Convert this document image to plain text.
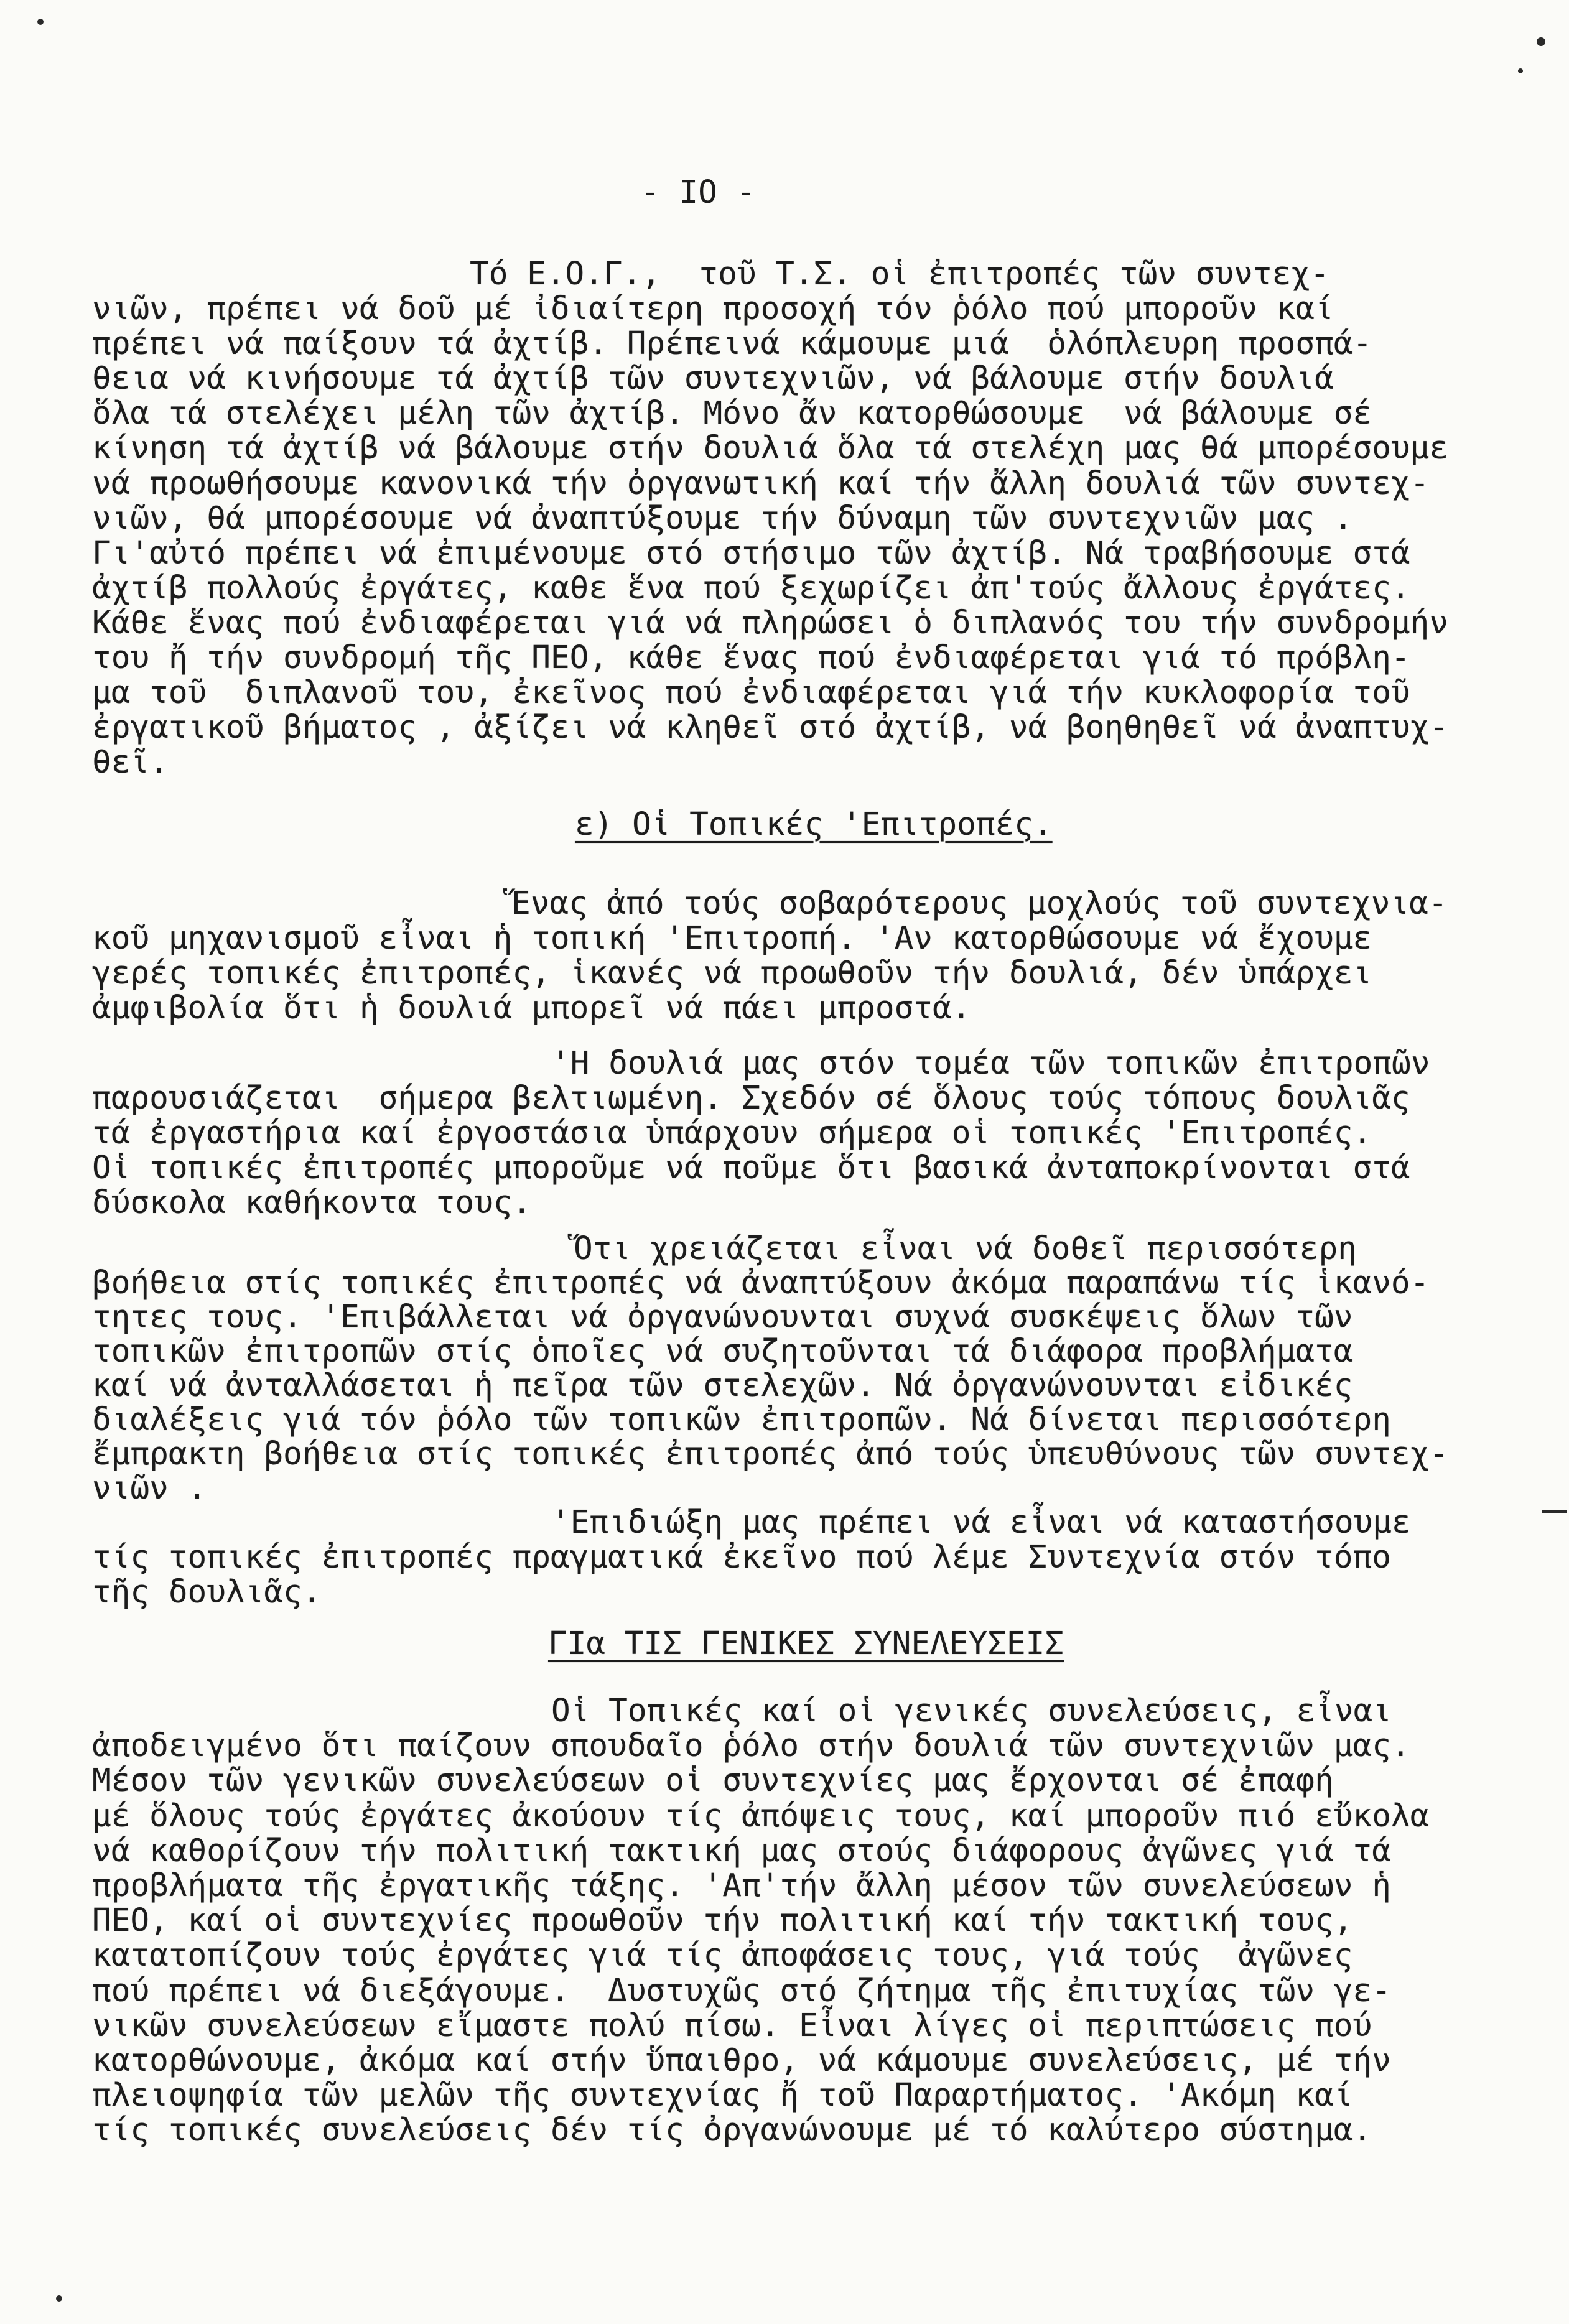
- IO -
Τό Ε.Ο.Γ.,  τοῦ Τ.Σ. οἱ ἐπιτροπές τῶν συντεχ-
νιῶν, πρέπει νά δοῦ μέ ἰδιαίτερη προσοχή τόν ῥόλο πού μποροῦν καί
πρέπει νά παίξουν τά ἀχτίβ. Πρέπεινά κάμουμε μιά  ὁλόπλευρη προσπά-
θεια νά κινήσουμε τά ἀχτίβ τῶν συντεχνιῶν, νά βάλουμε στήν δουλιά
ὅλα τά στελέχει μέλη τῶν ἀχτίβ. Μόνο ἄν κατορθώσουμε  νά βάλουμε σέ
κίνηση τά ἀχτίβ νά βάλουμε στήν δουλιά ὅλα τά στελέχη μας θά μπορέσουμε
νά προωθήσουμε κανονικά τήν ὀργανωτική καί τήν ἄλλη δουλιά τῶν συντεχ-
νιῶν, θά μπορέσουμε νά ἀναπτύξουμε τήν δύναμη τῶν συντεχνιῶν μας .
Γι'αὐτό πρέπει νά ἐπιμένουμε στό στήσιμο τῶν ἀχτίβ. Νά τραβήσουμε στά
ἀχτίβ πολλούς ἐργάτες, καθε ἕνα πού ξεχωρίζει ἀπ'τούς ἄλλους ἐργάτες.
Κάθε ἕνας πού ἐνδιαφέρεται γιά νά πληρώσει ὁ διπλανός του τήν συνδρομήν
του ἤ τήν συνδρομή τῆς ΠΕΟ, κάθε ἕνας πού ἐνδιαφέρεται γιά τό πρόβλη-
μα τοῦ  διπλανοῦ του, ἐκεῖνος πού ἐνδιαφέρεται γιά τήν κυκλοφορία τοῦ
ἐργατικοῦ βήματος , ἀξίζει νά κληθεῖ στό ἀχτίβ, νά βοηθηθεῖ νά ἀναπτυχ-
θεῖ.
ε) Οἱ Τοπικές 'Επιτροπές.
Ἕνας ἀπό τούς σοβαρότερους μοχλούς τοῦ συντεχνια-
κοῦ μηχανισμοῦ εἶναι ἡ τοπική 'Επιτροπή. 'Αν κατορθώσουμε νά ἔχουμε
γερές τοπικές ἐπιτροπές, ἱκανές νά προωθοῦν τήν δουλιά, δέν ὑπάρχει
ἀμφιβολία ὅτι ἡ δουλιά μπορεῖ νά πάει μπροστά.
'Η δουλιά μας στόν τομέα τῶν τοπικῶν ἐπιτροπῶν
παρουσιάζεται  σήμερα βελτιωμένη. Σχεδόν σέ ὅλους τούς τόπους δουλιᾶς
τά ἐργαστήρια καί ἐργοστάσια ὑπάρχουν σήμερα οἱ τοπικές 'Επιτροπές.
Οἱ τοπικές ἐπιτροπές μποροῦμε νά ποῦμε ὅτι βασικά ἀνταποκρίνονται στά
δύσκολα καθήκοντα τους.
Ὅτι χρειάζεται εἶναι νά δοθεῖ περισσότερη
βοήθεια στίς τοπικές ἐπιτροπές νά ἀναπτύξουν ἀκόμα παραπάνω τίς ἱκανό-
τητες τους. 'Επιβάλλεται νά ὀργανώνουνται συχνά συσκέψεις ὅλων τῶν
τοπικῶν ἐπιτροπῶν στίς ὁποῖες νά συζητοῦνται τά διάφορα προβλήματα
καί νά ἀνταλλάσεται ἡ πεῖρα τῶν στελεχῶν. Νά ὀργανώνουνται εἰδικές
διαλέξεις γιά τόν ῥόλο τῶν τοπικῶν ἐπιτροπῶν. Νά δίνεται περισσότερη
ἔμπρακτη βοήθεια στίς τοπικές ἐπιτροπές ἀπό τούς ὑπευθύνους τῶν συντεχ-
νιῶν .
'Επιδιώξη μας πρέπει νά εἶναι νά καταστήσουμε
τίς τοπικές ἐπιτροπές πραγματικά ἐκεῖνο πού λέμε Συντεχνία στόν τόπο
τῆς δουλιᾶς.
ΓΙα ΤΙΣ ΓΕΝΙΚΕΣ ΣΥΝΕΛΕΥΣΕΙΣ
Οἱ Τοπικές καί οἱ γενικές συνελεύσεις, εἶναι
ἀποδειγμένο ὅτι παίζουν σπουδαῖο ῥόλο στήν δουλιά τῶν συντεχνιῶν μας.
Μέσον τῶν γενικῶν συνελεύσεων οἱ συντεχνίες μας ἔρχονται σέ ἐπαφή
μέ ὅλους τούς ἐργάτες ἀκούουν τίς ἀπόψεις τους, καί μποροῦν πιό εὔκολα
νά καθορίζουν τήν πολιτική τακτική μας στούς διάφορους ἀγῶνες γιά τά
προβλήματα τῆς ἐργατικῆς τάξης. 'Απ'τήν ἄλλη μέσον τῶν συνελεύσεων ἡ
ΠΕΟ, καί οἱ συντεχνίες προωθοῦν τήν πολιτική καί τήν τακτική τους,
κατατοπίζουν τούς ἐργάτες γιά τίς ἀποφάσεις τους, γιά τούς  ἀγῶνες
πού πρέπει νά διεξάγουμε.  Δυστυχῶς στό ζήτημα τῆς ἐπιτυχίας τῶν γε-
νικῶν συνελεύσεων εἴμαστε πολύ πίσω. Εἶναι λίγες οἱ περιπτώσεις πού
κατορθώνουμε, ἀκόμα καί στήν ὕπαιθρο, νά κάμουμε συνελεύσεις, μέ τήν
πλειοψηφία τῶν μελῶν τῆς συντεχνίας ἤ τοῦ Παραρτήματος. 'Ακόμη καί
τίς τοπικές συνελεύσεις δέν τίς ὀργανώνουμε μέ τό καλύτερο σύστημα.
